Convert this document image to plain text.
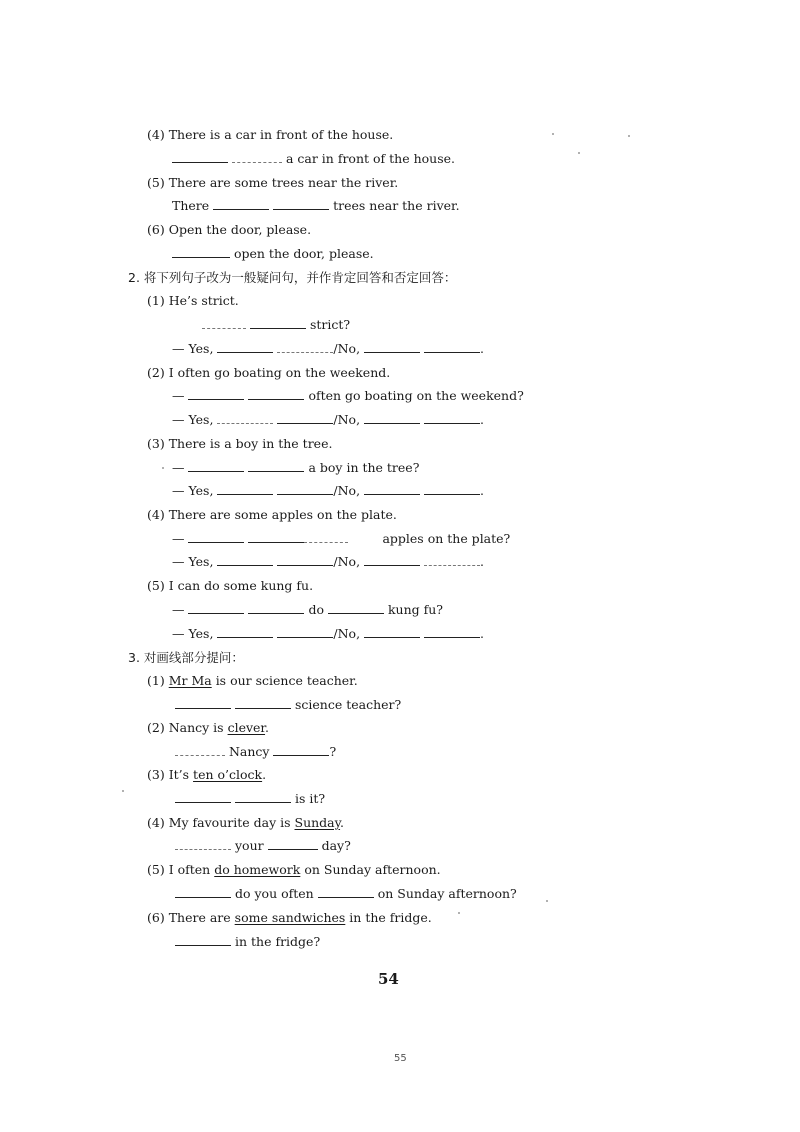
(4) There is a car in front of the house.
a car in front of the house.
(5) There are some trees near the river.
There	trees near the river.
(6) Open the door, please.
open the door, please.
2. 将下列句子改为一般疑问句，并作肯定回答和否定回答：
(1) He’s strict.
strict?
— Yes,	/No,	.
(2) I often go boating on the weekend.
—	often go boating on the weekend?
— Yes,	/No,	.
(3) There is a boy in the tree.
—	a boy in the tree?
— Yes,	/No,	.
(4) There are some apples on the plate.
—	apples on the plate?
— Yes,	/No,	.
(5) I can do some kung fu.
—	do	kung fu?
— Yes,	/No,	.
3. 对画线部分提问：
(1) Mr Ma is our science teacher.
science teacher?
(2) Nancy is clever.
Nancy	?
(3) It’s ten o’clock.
is it?
(4) My favourite day is Sunday.
your	day?
(5) I often do homework on Sunday afternoon.
do you often	on Sunday afternoon?
(6) There are some sandwiches in the fridge.
in the fridge?
54
55
